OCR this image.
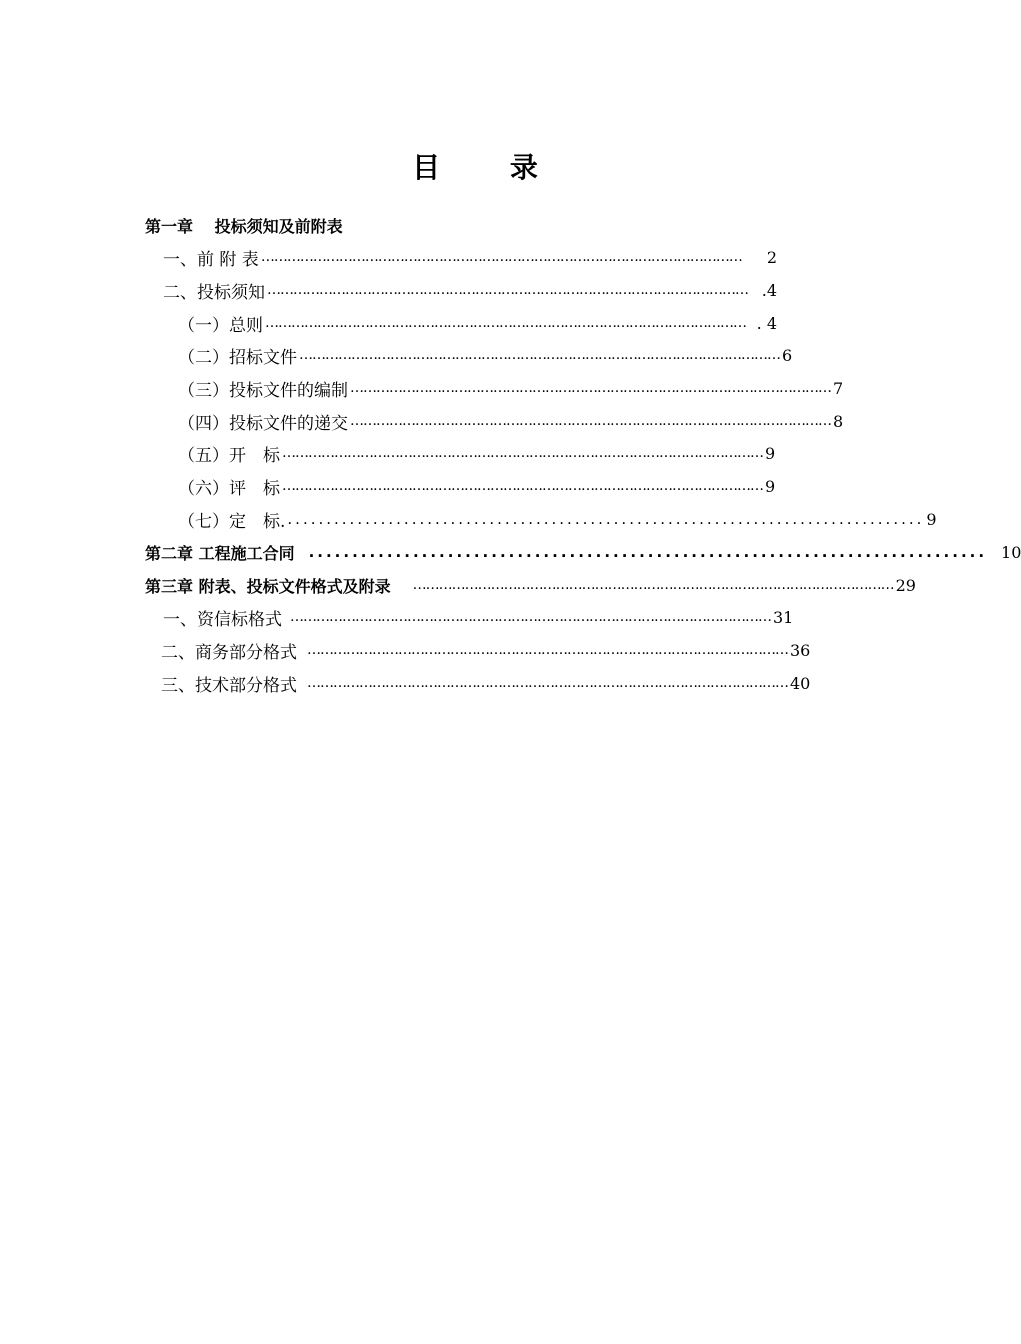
目 录
第一章　 投标须知及前附表
一、前 附 表 …………………………………………………………………………………………………	2
二、投标须知 ………………………………………………………………………………………………… .4
（一）总则 ………………………………………………………………………………………………… . 4
（二）招标文件 ………………………………………………………………………………………………… 6
（三）投标文件的编制 ………………………………………………………………………………………………… 7
（四）投标文件的递交 ………………………………………………………………………………………………… 8
（五）开　标 ………………………………………………………………………………………………… 9
（六）评　标 ………………………………………………………………………………………………… 9
（七）定　标. .................................................................................. 9
第二章 工程施工合同 .............................................................................. 10
第三章 附表、投标文件格式及附录 ………………………………………………………………………………………………… 29
一、资信标格式 ………………………………………………………………………………………………… 31
二、商务部分格式 ………………………………………………………………………………………………… 36
三、技术部分格式 ………………………………………………………………………………………………… 40
